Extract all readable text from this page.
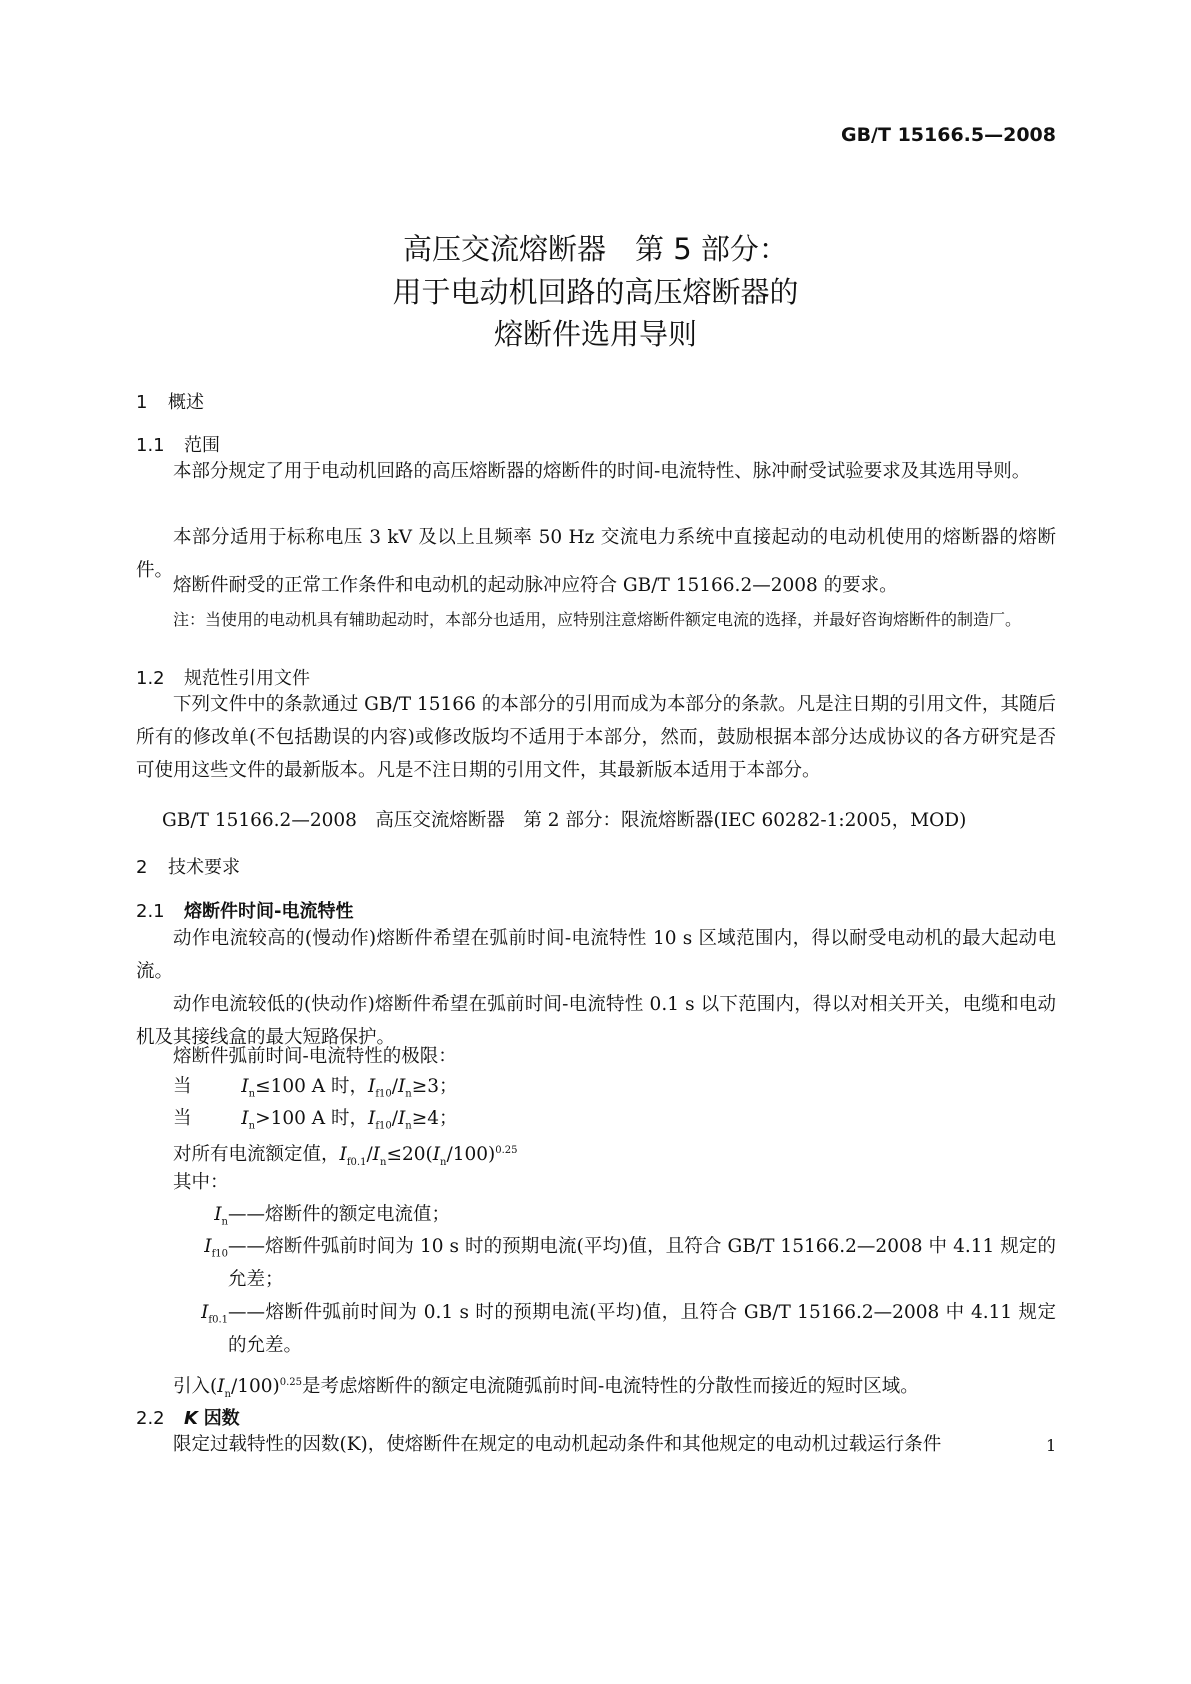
GB/T 15166.5—2008
高压交流熔断器　第 5 部分：
用于电动机回路的高压熔断器的
熔断件选用导则
1 概述
1.1 范围
本部分规定了用于电动机回路的高压熔断器的熔断件的时间-电流特性、脉冲耐受试验要求及其选用导则。
本部分适用于标称电压 3 kV 及以上且频率 50 Hz 交流电力系统中直接起动的电动机使用的熔断器的熔断件。
熔断件耐受的正常工作条件和电动机的起动脉冲应符合 GB/T 15166.2—2008 的要求。
注：当使用的电动机具有辅助起动时，本部分也适用，应特别注意熔断件额定电流的选择，并最好咨询熔断件的制造厂。
1.2 规范性引用文件
下列文件中的条款通过 GB/T 15166 的本部分的引用而成为本部分的条款。凡是注日期的引用文件，其随后所有的修改单(不包括勘误的内容)或修改版均不适用于本部分，然而，鼓励根据本部分达成协议的各方研究是否可使用这些文件的最新版本。凡是不注日期的引用文件，其最新版本适用于本部分。
GB/T 15166.2—2008　高压交流熔断器　第 2 部分：限流熔断器(IEC 60282-1:2005，MOD)
2 技术要求
2.1 熔断件时间-电流特性
动作电流较高的(慢动作)熔断件希望在弧前时间-电流特性 10 s 区域范围内，得以耐受电动机的最大起动电流。
动作电流较低的(快动作)熔断件希望在弧前时间-电流特性 0.1 s 以下范围内，得以对相关开关，电缆和电动机及其接线盒的最大短路保护。
熔断件弧前时间-电流特性的极限：
当	$I_n\le 100$ A 时，$I_{f10}/I_n\ge 3$；
当	$I_n>100$ A 时，$I_{f10}/I_n\ge 4$；
对所有电流额定值，$I_{f0.1}/I_n\le 20(I_n/100)^{0.25}$
其中：
$I_n$ ——熔断件的额定电流值；
$I_{f10}$ ——熔断件弧前时间为 10 s 时的预期电流(平均)值，且符合 GB/T 15166.2—2008 中 4.11 规定的允差；
$I_{f0.1}$ ——熔断件弧前时间为 0.1 s 时的预期电流(平均)值，且符合 GB/T 15166.2—2008 中 4.11 规定的允差。
引入$(I_n/100)^{0.25}$是考虑熔断件的额定电流随弧前时间-电流特性的分散性而接近的短时区域。
2.2 K 因数
限定过载特性的因数(K)，使熔断件在规定的电动机起动条件和其他规定的电动机过载运行条件	1
